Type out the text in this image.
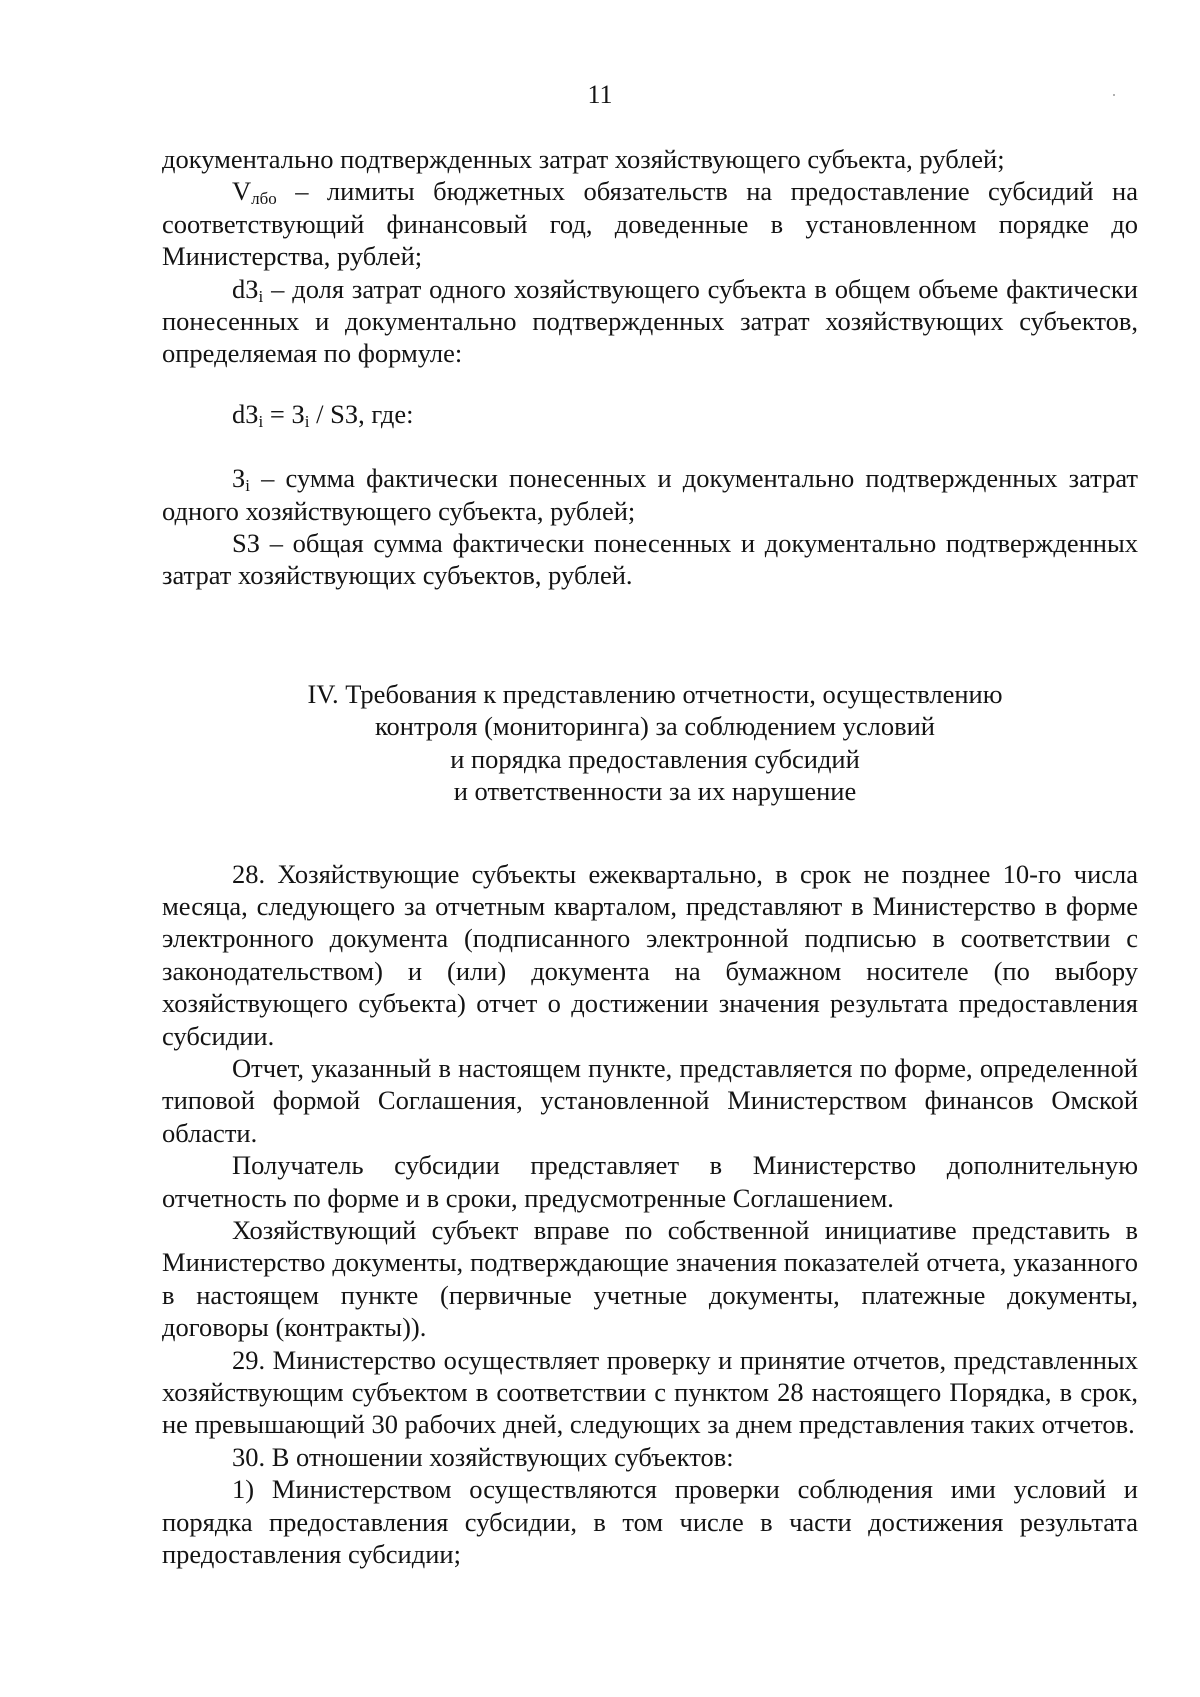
11

документально подтвержденных затрат хозяйствующего субъекта, рублей;

$V_{лбо}$ – лимиты бюджетных обязательств на предоставление субсидий на соответствующий финансовый год, доведенные в установленном порядке до Министерства, рублей;

$dЗ_i$ – доля затрат одного хозяйствующего субъекта в общем объеме фактически понесенных и документально подтвержденных затрат хозяйствующих субъектов, определяемая по формуле:

$dЗ_i = З_i$ / SЗ, где:

$З_i$ – сумма фактически понесенных и документально подтвержденных затрат одного хозяйствующего субъекта, рублей;

SЗ – общая сумма фактически понесенных и документально подтвержденных затрат хозяйствующих субъектов, рублей.

IV. Требования к представлению отчетности, осуществлению
контроля (мониторинга) за соблюдением условий
и порядка предоставления субсидий
и ответственности за их нарушение

28. Хозяйствующие субъекты ежеквартально, в срок не позднее 10-го числа месяца, следующего за отчетным кварталом, представляют в Министерство в форме электронного документа (подписанного электронной подписью в соответствии с законодательством) и (или) документа на бумажном носителе (по выбору хозяйствующего субъекта) отчет о достижении значения результата предоставления субсидии.

Отчет, указанный в настоящем пункте, представляется по форме, определенной типовой формой Соглашения, установленной Министерством финансов Омской области.

Получатель субсидии представляет в Министерство дополнительную отчетность по форме и в сроки, предусмотренные Соглашением.

Хозяйствующий субъект вправе по собственной инициативе представить в Министерство документы, подтверждающие значения показателей отчета, указанного в настоящем пункте (первичные учетные документы, платежные документы, договоры (контракты)).

29. Министерство осуществляет проверку и принятие отчетов, представленных хозяйствующим субъектом в соответствии с пунктом 28 настоящего Порядка, в срок, не превышающий 30 рабочих дней, следующих за днем представления таких отчетов.

30. В отношении хозяйствующих субъектов:

1) Министерством осуществляются проверки соблюдения ими условий и порядка предоставления субсидии, в том числе в части достижения результата предоставления субсидии;
